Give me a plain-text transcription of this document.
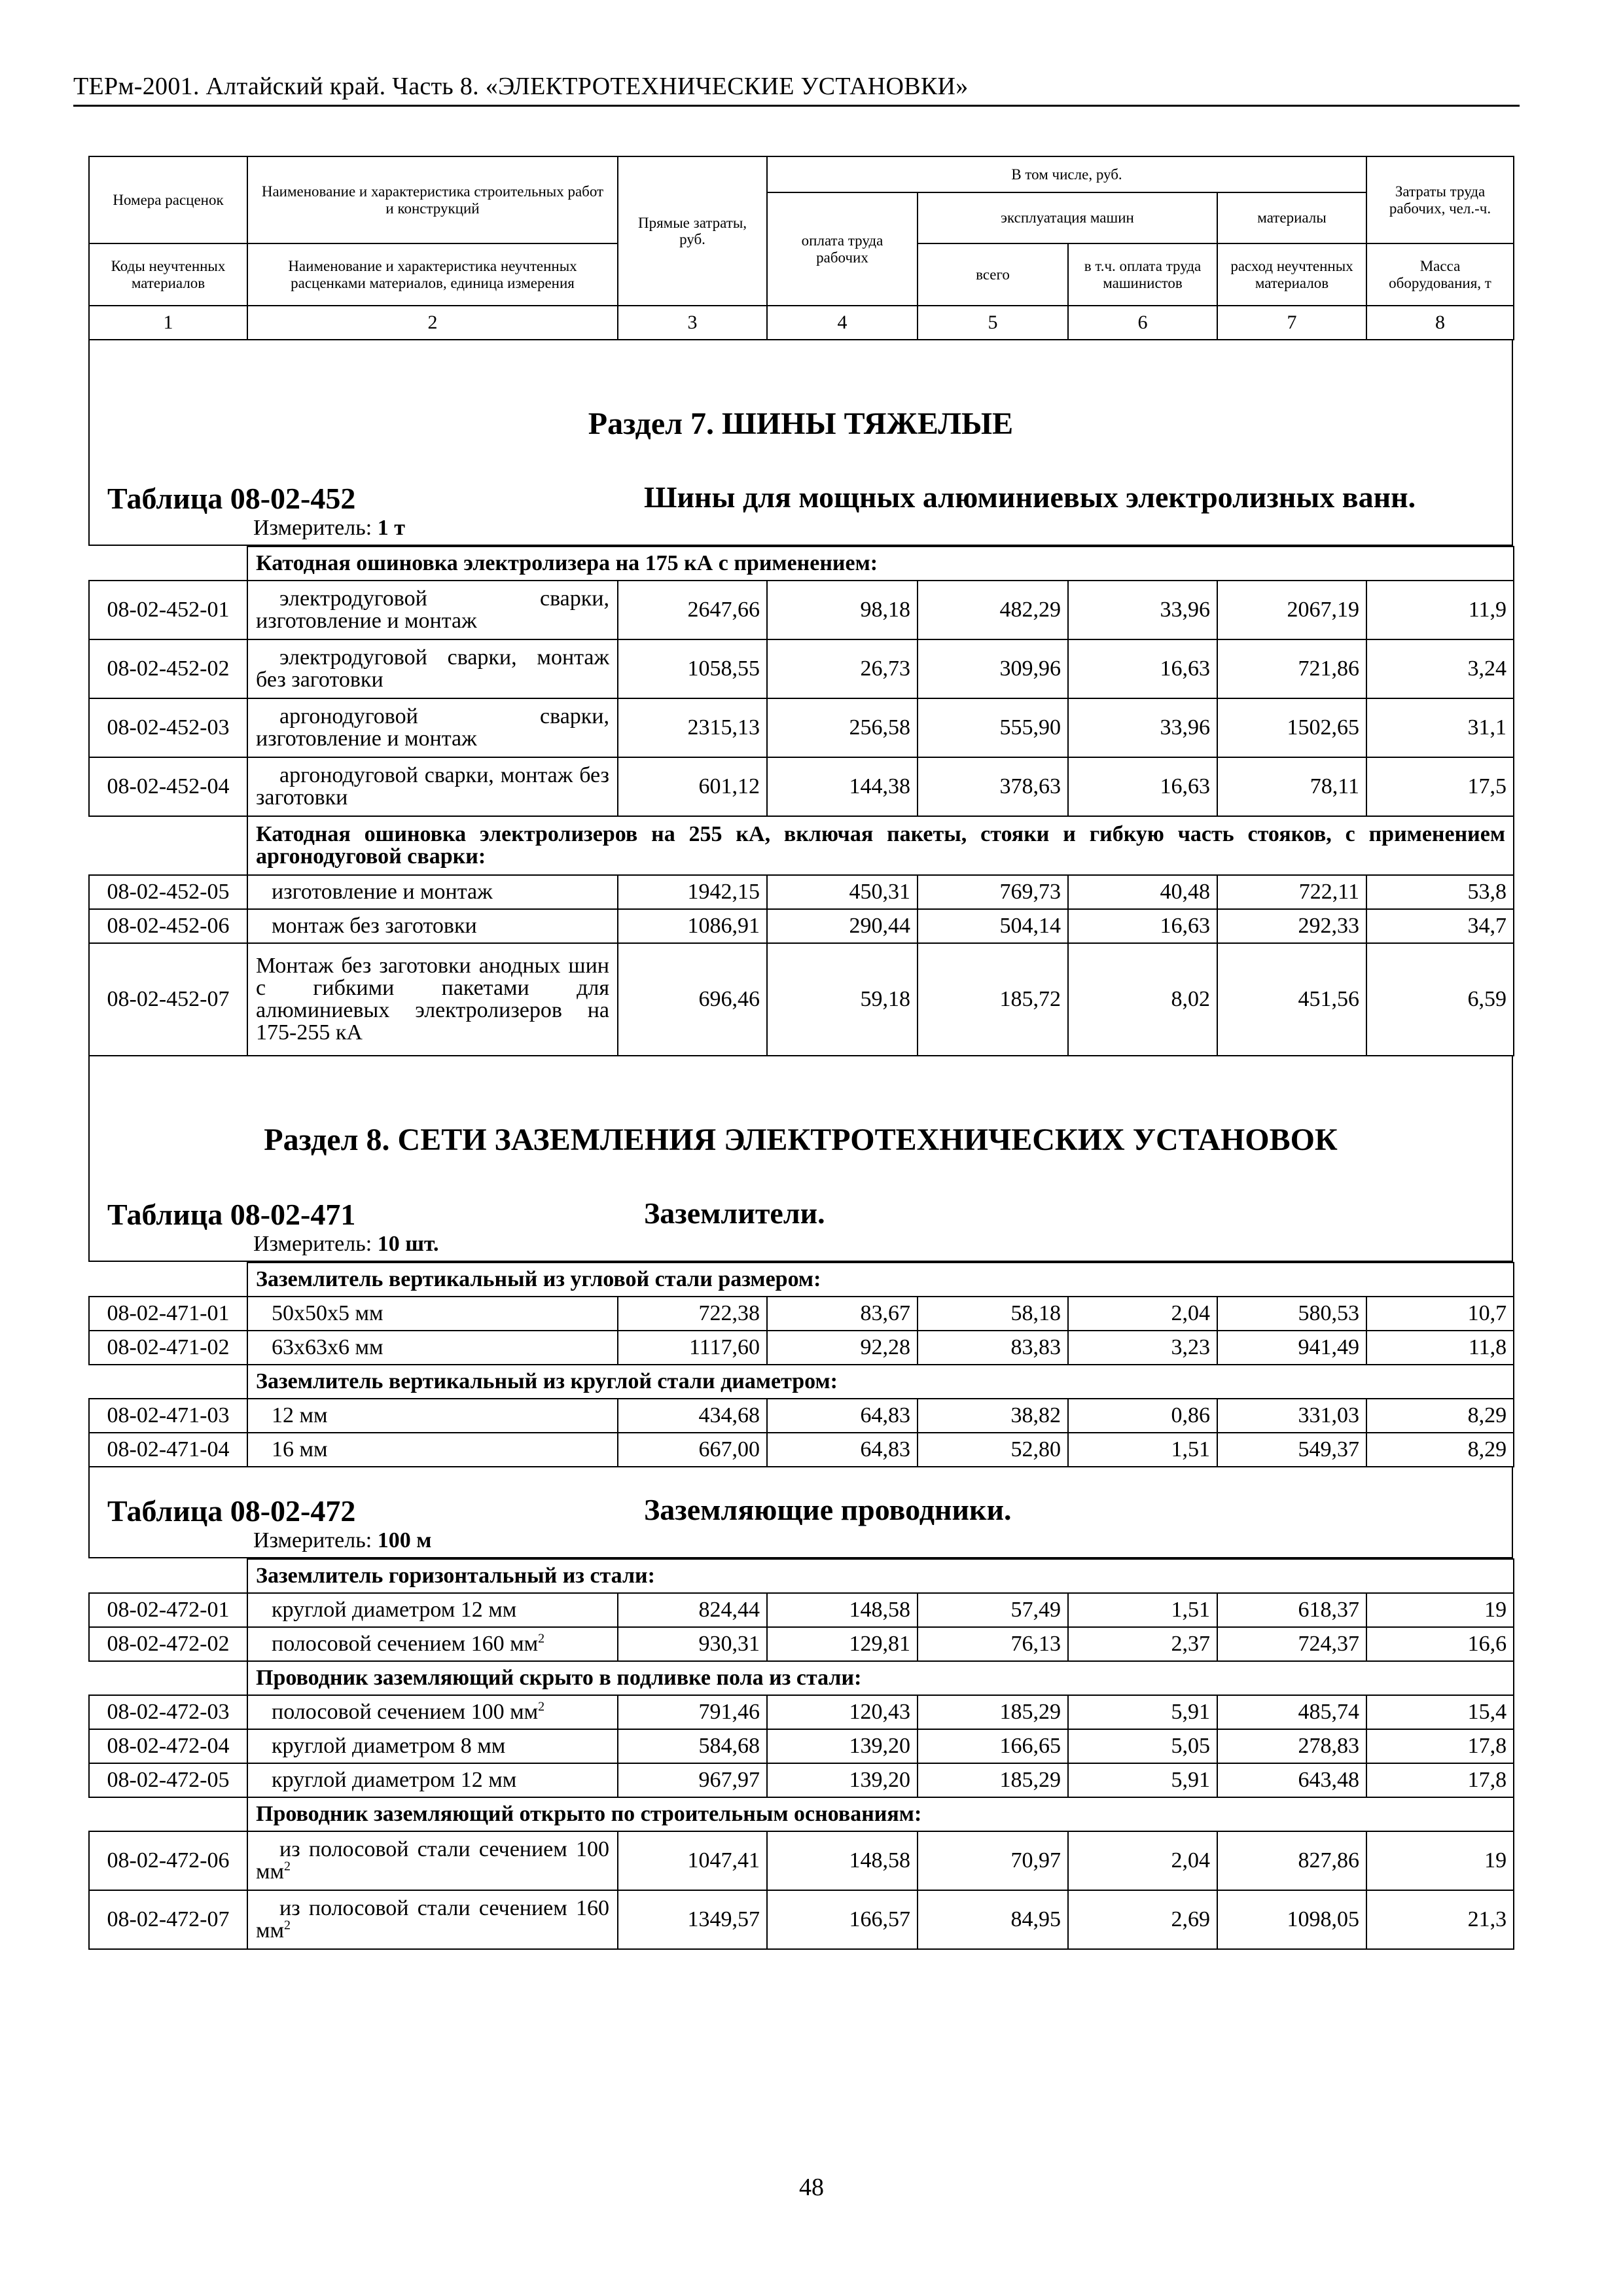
ТЕРм-2001. Алтайский край. Часть 8. «ЭЛЕКТРОТЕХНИЧЕСКИЕ УСТАНОВКИ»
Номера расценок	Наименование и характеристика строительных работ и конструкций	Прямые затраты, руб.	В том числе, руб.				Затраты труда рабочих, чел.-ч.
			оплата труда рабочих	эксплуатация машин		материалы	
Коды неучтенных материалов	Наименование и характеристика неучтенных расценками материалов, единица измерения			всего	в т.ч. оплата труда машинистов	расход неучтенных материалов	Масса оборудования, т
1	2	3	4	5	6	7	8
Раздел 7. ШИНЫ ТЯЖЕЛЫЕ
Таблица 08-02-452	Шины для мощных алюминиевых электролизных ванн.
Измеритель: 1 т
	Катодная ошиновка электролизера на 175 кА с применением:						
08-02-452-01	электродуговой сварки, изготовление и монтаж	2647,66	98,18	482,29	33,96	2067,19	11,9
08-02-452-02	электродуговой сварки, монтаж без заготовки	1058,55	26,73	309,96	16,63	721,86	3,24
08-02-452-03	аргонодуговой сварки, изготовление и монтаж	2315,13	256,58	555,90	33,96	1502,65	31,1
08-02-452-04	аргонодуговой сварки, монтаж без заготовки	601,12	144,38	378,63	16,63	78,11	17,5
	Катодная ошиновка электролизеров на 255 кА, включая пакеты, стояки и гибкую часть стояков, с применением аргонодуговой сварки:						
08-02-452-05	изготовление и монтаж	1942,15	450,31	769,73	40,48	722,11	53,8
08-02-452-06	монтаж без заготовки	1086,91	290,44	504,14	16,63	292,33	34,7
08-02-452-07	Монтаж без заготовки анодных шин с гибкими пакетами для алюминиевых электролизеров на 175-255 кА	696,46	59,18	185,72	8,02	451,56	6,59
Раздел 8. СЕТИ ЗАЗЕМЛЕНИЯ ЭЛЕКТРОТЕХНИЧЕСКИХ УСТАНОВОК
Таблица 08-02-471	Заземлители.
Измеритель: 10 шт.
	Заземлитель вертикальный из угловой стали размером:						
08-02-471-01	50х50х5 мм	722,38	83,67	58,18	2,04	580,53	10,7
08-02-471-02	63х63х6 мм	1117,60	92,28	83,83	3,23	941,49	11,8
	Заземлитель вертикальный из круглой стали диаметром:						
08-02-471-03	12 мм	434,68	64,83	38,82	0,86	331,03	8,29
08-02-471-04	16 мм	667,00	64,83	52,80	1,51	549,37	8,29
Таблица 08-02-472	Заземляющие проводники.
Измеритель: 100 м
	Заземлитель горизонтальный из стали:						
08-02-472-01	круглой диаметром 12 мм	824,44	148,58	57,49	1,51	618,37	19
08-02-472-02	полосовой сечением 160 $мм^2$	930,31	129,81	76,13	2,37	724,37	16,6
	Проводник заземляющий скрыто в подливке пола из стали:						
08-02-472-03	полосовой сечением 100 $мм^2$	791,46	120,43	185,29	5,91	485,74	15,4
08-02-472-04	круглой диаметром 8 мм	584,68	139,20	166,65	5,05	278,83	17,8
08-02-472-05	круглой диаметром 12 мм	967,97	139,20	185,29	5,91	643,48	17,8
	Проводник заземляющий открыто по строительным основаниям:						
08-02-472-06	из полосовой стали сечением 100 $мм^2$	1047,41	148,58	70,97	2,04	827,86	19
08-02-472-07	из полосовой стали сечением 160 $мм^2$	1349,57	166,57	84,95	2,69	1098,05	21,3
48
